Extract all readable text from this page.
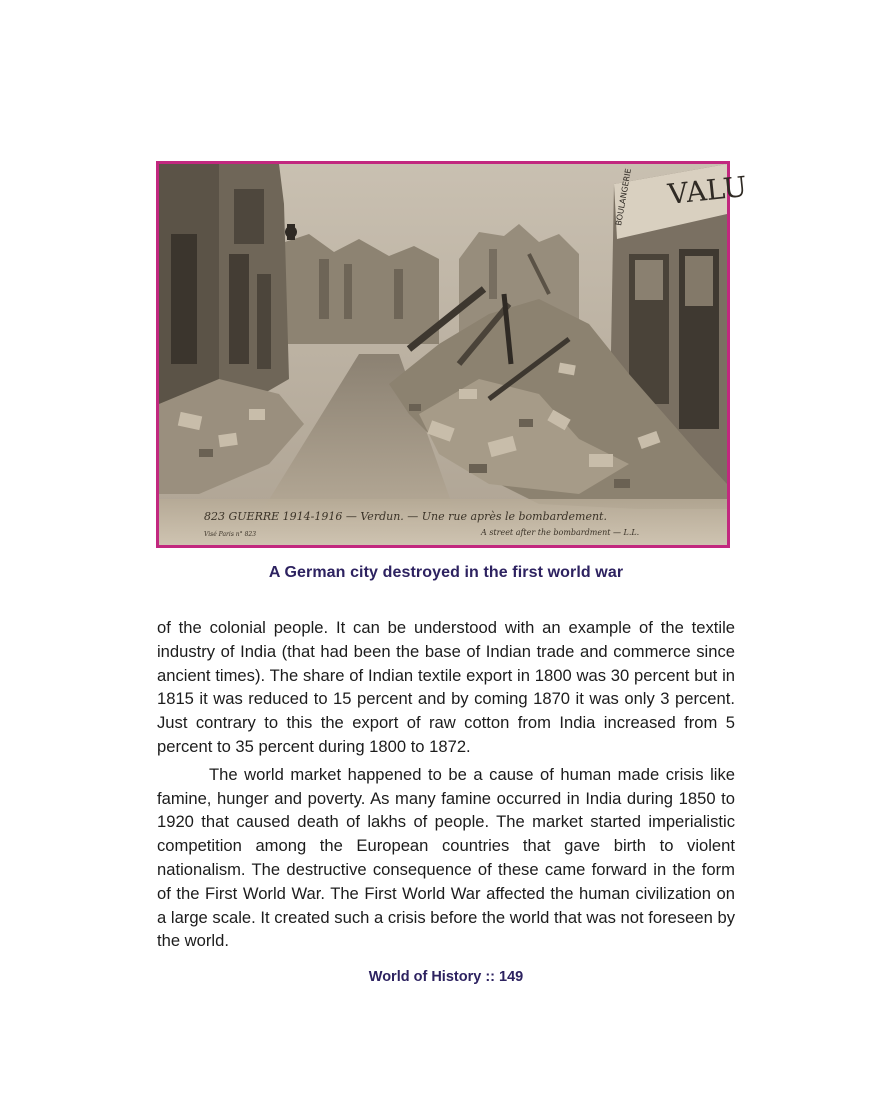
VALU
BOULANGERIE
823 GUERRE 1914-1916 — Verdun. — Une rue après le bombardement.
Visé Paris n° 823	A street after the bombardment — L.L.
A German city destroyed in the first world war

of the colonial people. It can be understood with an example of the textile industry of India (that had been the base of Indian trade and commerce since ancient times). The share of Indian textile export in 1800 was 30 percent but in 1815 it was reduced to 15 percent and by coming 1870 it was only 3 percent. Just contrary to this the export of raw cotton from India increased from 5 percent to 35 percent during 1800 to 1872.

The world market happened to be a cause of human made crisis like famine, hunger and poverty. As many famine occurred in India during 1850 to 1920 that caused death of lakhs of people. The market started imperialistic competition among the European countries that gave birth to violent nationalism. The destructive consequence of these came forward in the form of the First World War. The First World War affected the human civilization on a large scale. It created such a crisis before the world that was not foreseen by the world.

World of History :: 149
